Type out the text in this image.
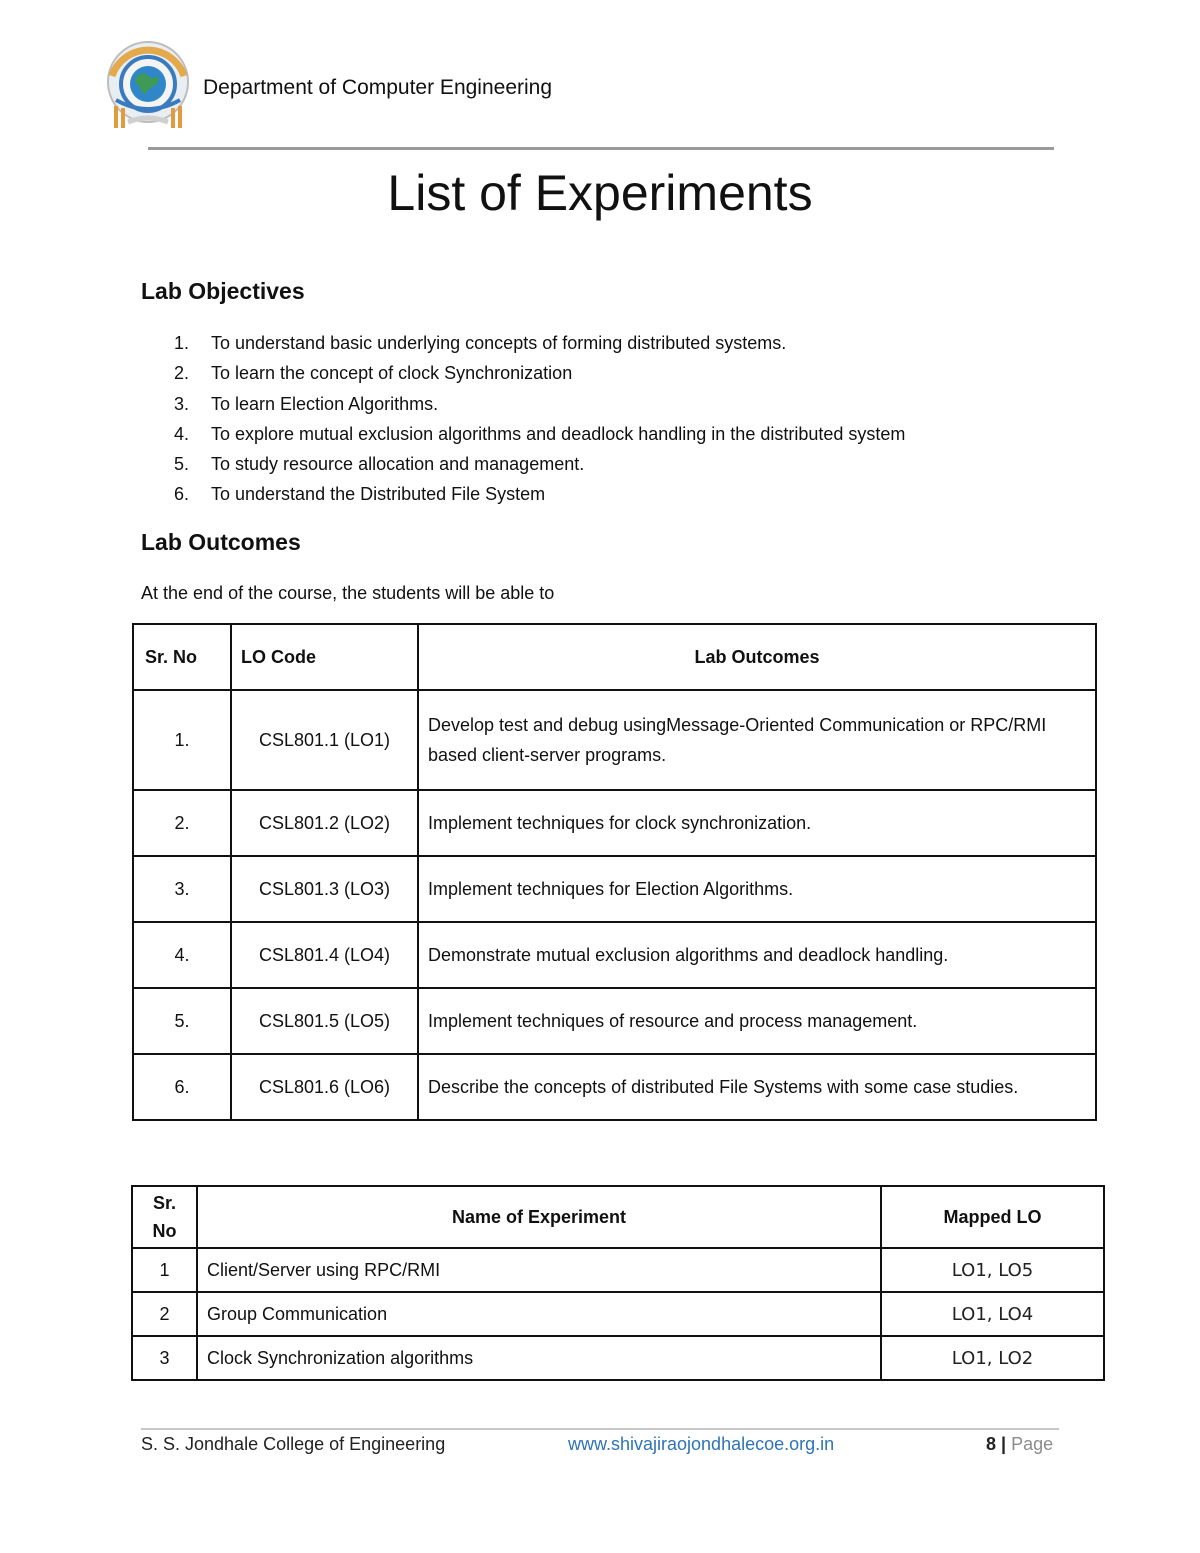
Department of Computer Engineering
List of Experiments
Lab Objectives
1.	To understand basic underlying concepts of forming distributed systems.
2.	To learn the concept of clock Synchronization
3.	To learn Election Algorithms.
4.	To explore mutual exclusion algorithms and deadlock handling in the distributed system
5.	To study resource allocation and management.
6.	To understand the Distributed File System
Lab Outcomes
At the end of the course, the students will be able to
Sr. No	LO Code	Lab Outcomes
1.	CSL801.1 (LO1)	Develop test and debug usingMessage-Oriented Communication or RPC/RMI based client-server programs.
2.	CSL801.2 (LO2)	Implement techniques for clock synchronization.
3.	CSL801.3 (LO3)	Implement techniques for Election Algorithms.
4.	CSL801.4 (LO4)	Demonstrate mutual exclusion algorithms and deadlock handling.
5.	CSL801.5 (LO5)	Implement techniques of resource and process management.
6.	CSL801.6 (LO6)	Describe the concepts of distributed File Systems with some case studies.
Sr. No	Name of Experiment	Mapped LO
1	Client/Server using RPC/RMI	LO1, LO5
2	Group Communication	LO1, LO4
3	Clock Synchronization algorithms	LO1, LO2
S. S. Jondhale College of Engineering	www.shivajiraojondhalecoe.org.in	8 | Page
